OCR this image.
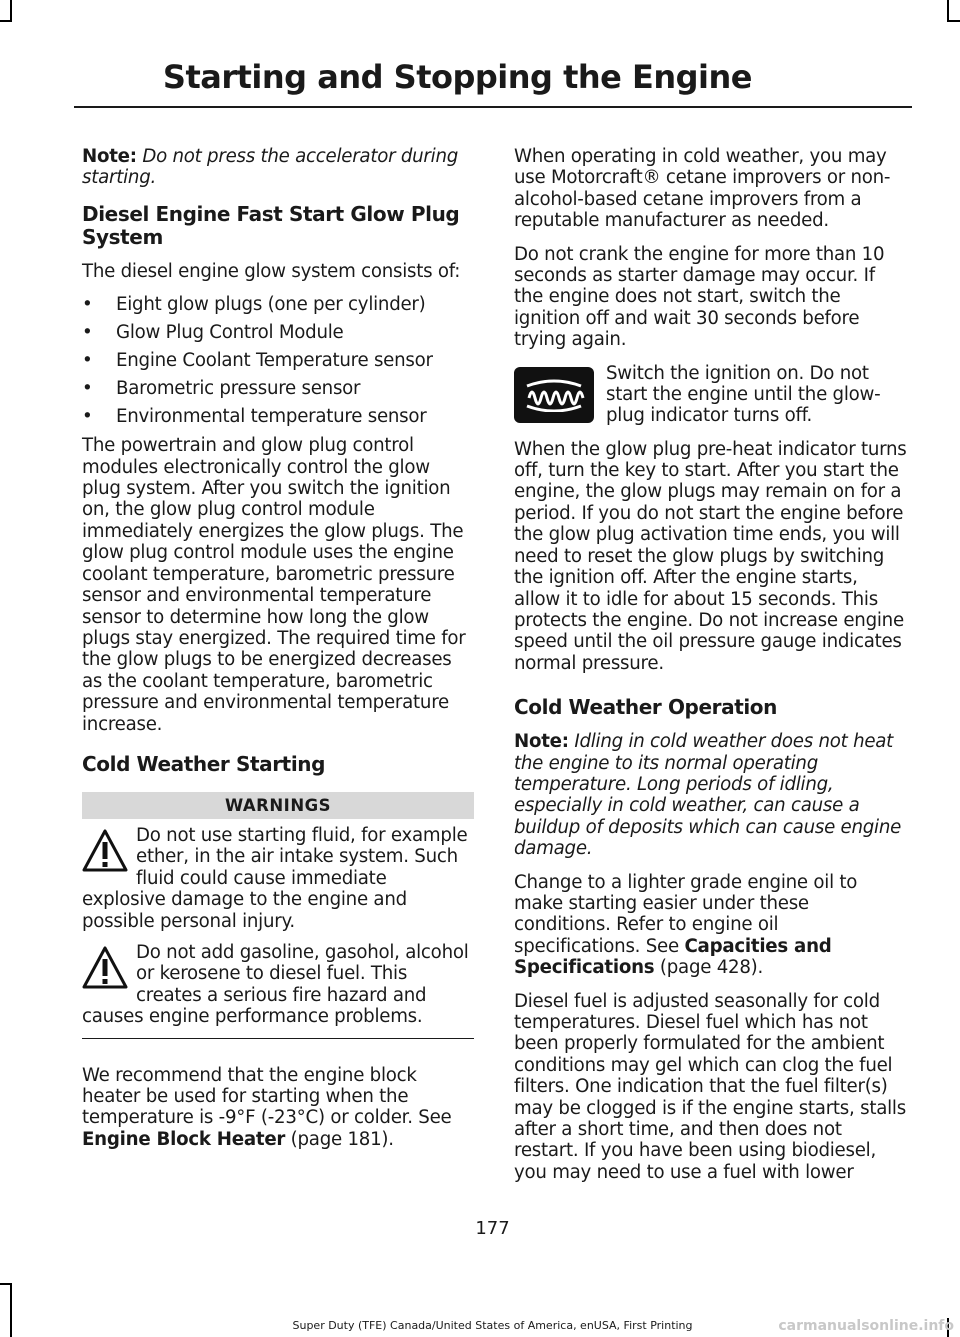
Starting and Stopping the Engine

Note: Do not press the accelerator during starting.

Diesel Engine Fast Start Glow Plug System

The diesel engine glow system consists of:

• Eight glow plugs (one per cylinder)
• Glow Plug Control Module
• Engine Coolant Temperature sensor
• Barometric pressure sensor
• Environmental temperature sensor

The powertrain and glow plug control modules electronically control the glow plug system. After you switch the ignition on, the glow plug control module immediately energizes the glow plugs. The glow plug control module uses the engine coolant temperature, barometric pressure sensor and environmental temperature sensor to determine how long the glow plugs stay energized. The required time for the glow plugs to be energized decreases as the coolant temperature, barometric pressure and environmental temperature increase.

Cold Weather Starting
WARNINGS
Do not use starting fluid, for example ether, in the air intake system. Such fluid could cause immediate explosive damage to the engine and possible personal injury.
Do not add gasoline, gasohol, alcohol or kerosene to diesel fuel. This creates a serious fire hazard and causes engine performance problems.

We recommend that the engine block heater be used for starting when the temperature is -9°F (-23°C) or colder. See Engine Block Heater (page 181).

When operating in cold weather, you may use Motorcraft® cetane improvers or non-alcohol-based cetane improvers from a reputable manufacturer as needed.

Do not crank the engine for more than 10 seconds as starter damage may occur. If the engine does not start, switch the ignition off and wait 30 seconds before trying again.

Switch the ignition on. Do not start the engine until the glow-plug indicator turns off.

When the glow plug pre-heat indicator turns off, turn the key to start. After you start the engine, the glow plugs may remain on for a period. If you do not start the engine before the glow plug activation time ends, you will need to reset the glow plugs by switching the ignition off. After the engine starts, allow it to idle for about 15 seconds. This protects the engine. Do not increase engine speed until the oil pressure gauge indicates normal pressure.

Cold Weather Operation

Note: Idling in cold weather does not heat the engine to its normal operating temperature. Long periods of idling, especially in cold weather, can cause a buildup of deposits which can cause engine damage.

Change to a lighter grade engine oil to make starting easier under these conditions. Refer to engine oil specifications. See Capacities and Specifications (page 428).

Diesel fuel is adjusted seasonally for cold temperatures. Diesel fuel which has not been properly formulated for the ambient conditions may gel which can clog the fuel filters. One indication that the fuel filter(s) may be clogged is if the engine starts, stalls after a short time, and then does not restart. If you have been using biodiesel, you may need to use a fuel with lower

177
Super Duty (TFE) Canada/United States of America, enUSA, First Printing	carmanualsonline.info
